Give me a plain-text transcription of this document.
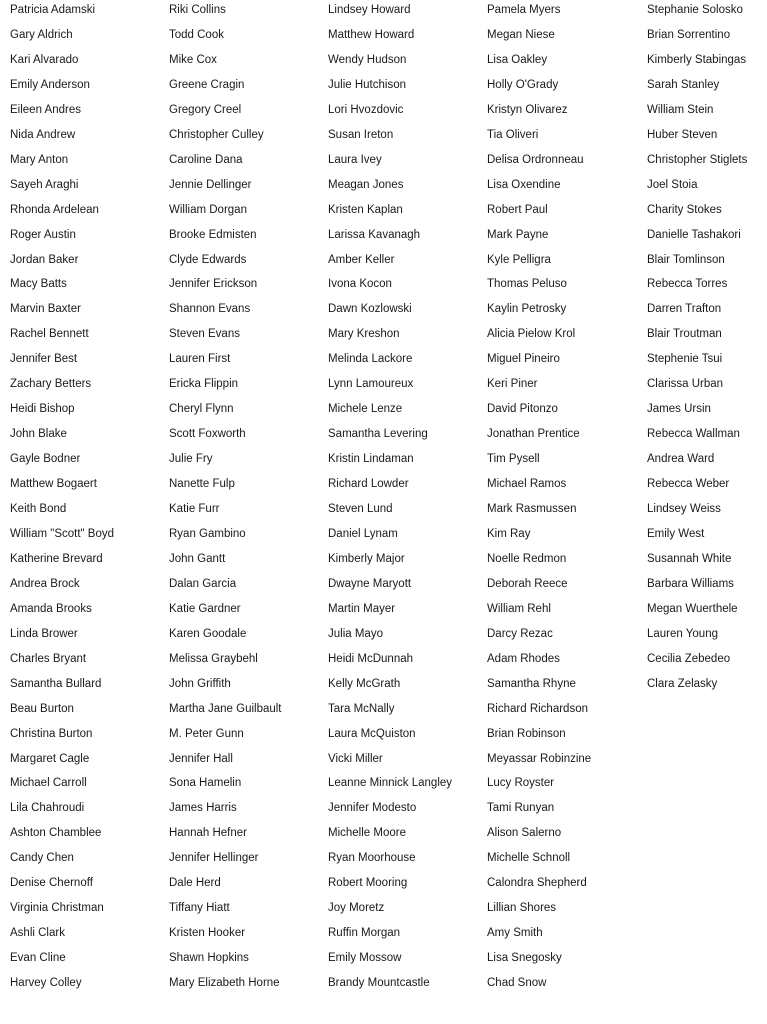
Patricia Adamski
Gary Aldrich
Kari Alvarado
Emily Anderson
Eileen Andres
Nida Andrew
Mary Anton
Sayeh Araghi
Rhonda Ardelean
Roger Austin
Jordan Baker
Macy Batts
Marvin Baxter
Rachel Bennett
Jennifer Best
Zachary Betters
Heidi Bishop
John Blake
Gayle Bodner
Matthew Bogaert
Keith Bond
William "Scott" Boyd
Katherine Brevard
Andrea Brock
Amanda Brooks
Linda Brower
Charles Bryant
Samantha Bullard
Beau Burton
Christina Burton
Margaret Cagle
Michael Carroll
Lila Chahroudi
Ashton Chamblee
Candy Chen
Denise Chernoff
Virginia Christman
Ashli Clark
Evan Cline
Harvey Colley
Riki Collins
Todd Cook
Mike Cox
Greene Cragin
Gregory Creel
Christopher Culley
Caroline Dana
Jennie Dellinger
William Dorgan
Brooke Edmisten
Clyde Edwards
Jennifer Erickson
Shannon Evans
Steven Evans
Lauren First
Ericka Flippin
Cheryl Flynn
Scott Foxworth
Julie Fry
Nanette Fulp
Katie Furr
Ryan Gambino
John Gantt
Dalan Garcia
Katie Gardner
Karen Goodale
Melissa Graybehl
John Griffith
Martha Jane Guilbault
M. Peter Gunn
Jennifer Hall
Sona Hamelin
James Harris
Hannah Hefner
Jennifer Hellinger
Dale Herd
Tiffany Hiatt
Kristen Hooker
Shawn Hopkins
Mary Elizabeth Horne
Lindsey Howard
Matthew Howard
Wendy Hudson
Julie Hutchison
Lori Hvozdovic
Susan Ireton
Laura Ivey
Meagan Jones
Kristen Kaplan
Larissa Kavanagh
Amber Keller
Ivona Kocon
Dawn Kozlowski
Mary Kreshon
Melinda Lackore
Lynn Lamoureux
Michele Lenze
Samantha Levering
Kristin Lindaman
Richard Lowder
Steven Lund
Daniel Lynam
Kimberly Major
Dwayne Maryott
Martin Mayer
Julia Mayo
Heidi McDunnah
Kelly McGrath
Tara McNally
Laura McQuiston
Vicki Miller
Leanne Minnick Langley
Jennifer Modesto
Michelle Moore
Ryan Moorhouse
Robert Mooring
Joy Moretz
Ruffin Morgan
Emily Mossow
Brandy Mountcastle
Pamela Myers
Megan Niese
Lisa Oakley
Holly O'Grady
Kristyn Olivarez
Tia Oliveri
Delisa Ordronneau
Lisa Oxendine
Robert Paul
Mark Payne
Kyle Pelligra
Thomas Peluso
Kaylin Petrosky
Alicia Pielow Krol
Miguel Pineiro
Keri Piner
David Pitonzo
Jonathan Prentice
Tim Pysell
Michael Ramos
Mark Rasmussen
Kim Ray
Noelle Redmon
Deborah Reece
William Rehl
Darcy Rezac
Adam Rhodes
Samantha Rhyne
Richard Richardson
Brian Robinson
Meyassar Robinzine
Lucy Royster
Tami Runyan
Alison Salerno
Michelle Schnoll
Calondra Shepherd
Lillian Shores
Amy Smith
Lisa Snegosky
Chad Snow
Stephanie Solosko
Brian Sorrentino
Kimberly Stabingas
Sarah Stanley
William Stein
Huber Steven
Christopher Stiglets
Joel Stoia
Charity Stokes
Danielle Tashakori
Blair Tomlinson
Rebecca Torres
Darren Trafton
Blair Troutman
Stephenie Tsui
Clarissa Urban
James Ursin
Rebecca Wallman
Andrea Ward
Rebecca Weber
Lindsey Weiss
Emily West
Susannah White
Barbara Williams
Megan Wuerthele
Lauren Young
Cecilia Zebedeo
Clara Zelasky
